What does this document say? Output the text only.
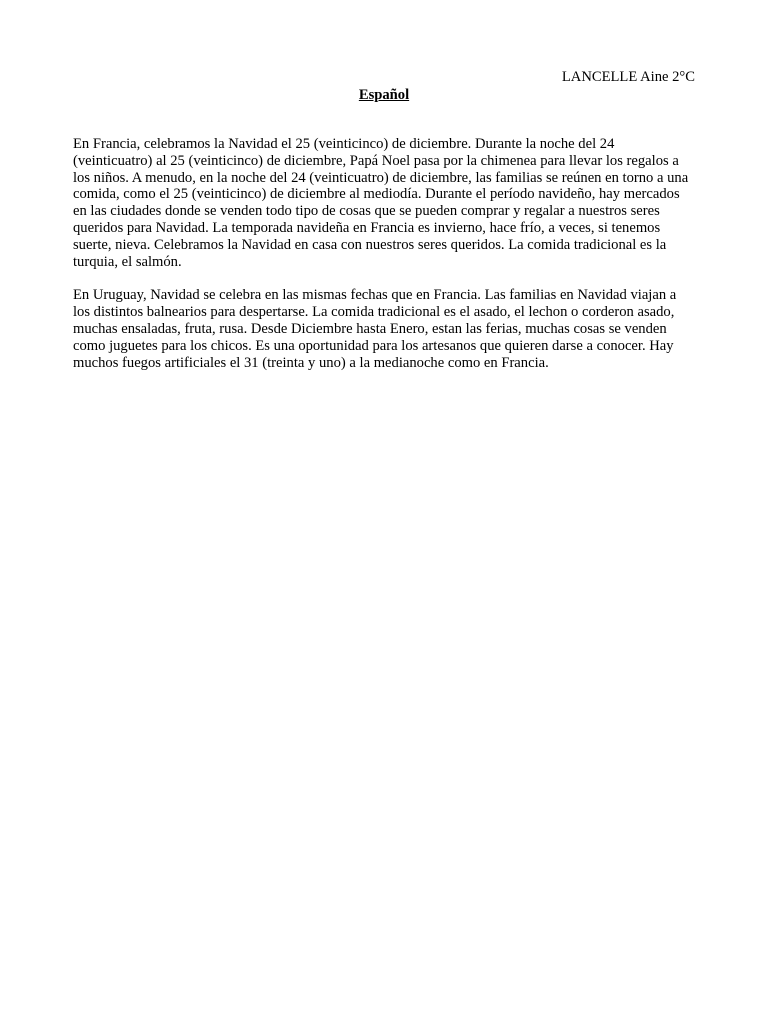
LANCELLE Aine 2°C
Español

En Francia, celebramos la Navidad el 25 (veinticinco) de diciembre. Durante la noche del 24 (veinticuatro) al 25 (veinticinco) de diciembre, Papá Noel pasa por la chimenea para llevar los regalos a los niños. A menudo, en la noche del 24 (veinticuatro) de diciembre, las familias se reúnen en torno a una comida, como el 25 (veinticinco) de diciembre al mediodía. Durante el período navideño, hay mercados en las ciudades donde se venden todo tipo de cosas que se pueden comprar y regalar a nuestros seres queridos para Navidad. La temporada navideña en Francia es invierno, hace frío, a veces, si tenemos suerte, nieva. Celebramos la Navidad en casa con nuestros seres queridos. La comida tradicional es la turquia, el salmón.

En Uruguay, Navidad se celebra en las mismas fechas que en Francia. Las familias en Navidad viajan a los distintos balnearios para despertarse. La comida tradicional es el asado, el lechon o corderon asado, muchas ensaladas, fruta, rusa. Desde Diciembre hasta Enero, estan las ferias, muchas cosas se venden como juguetes para los chicos. Es una oportunidad para los artesanos que quieren darse a conocer. Hay muchos fuegos artificiales el 31 (treinta y uno) a la medianoche como en Francia.
